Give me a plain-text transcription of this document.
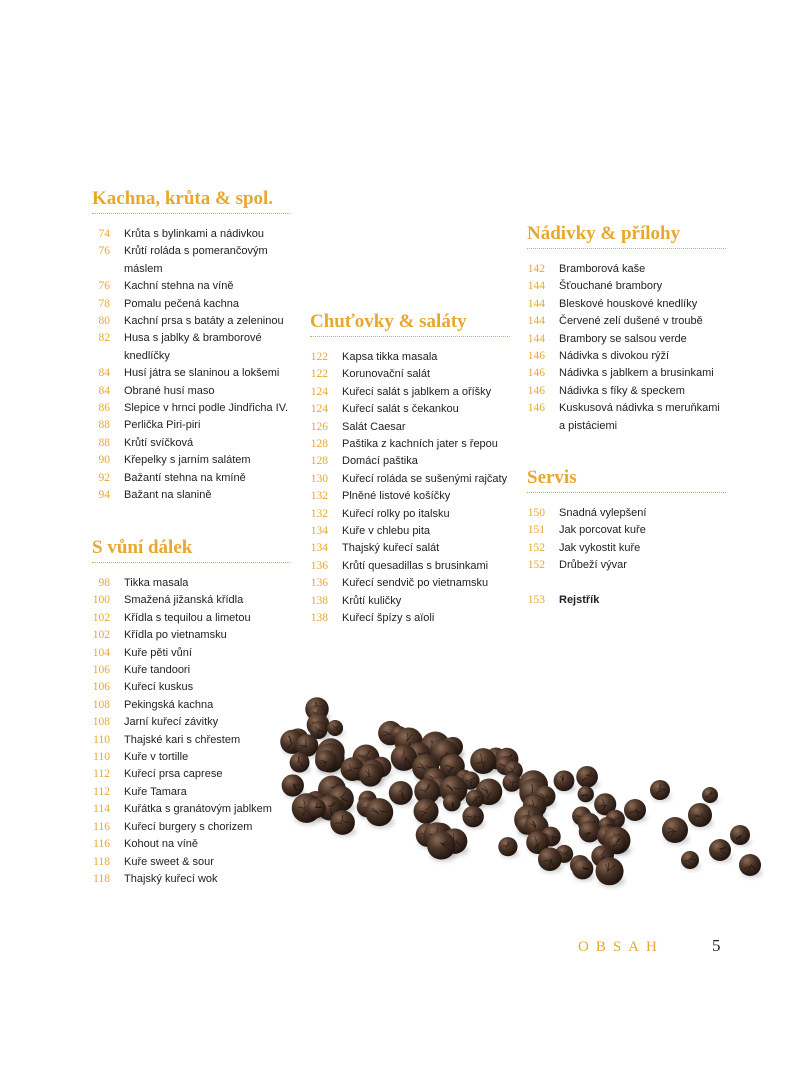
Kachna, krůta & spol.
74 Krůta s bylinkami a nádivkou
76 Krůtí roláda s pomerančovým máslem
76 Kachní stehna na víně
78 Pomalu pečená kachna
80 Kachní prsa s batáty a zeleninou
82 Husa s jablky & bramborové knedlíčky
84 Husí játra se slaninou a lokšemi
84 Obrané husí maso
86 Slepice v hrnci podle Jindřicha IV.
88 Perlička Piri-piri
88 Krůtí svíčková
90 Křepelky s jarním salátem
92 Bažantí stehna na kmíně
94 Bažant na slanině
S vůní dálek
98 Tikka masala
100 Smažená jižanská křídla
102 Křídla s tequilou a limetou
102 Křídla po vietnamsku
104 Kuře pěti vůní
106 Kuře tandoori
106 Kuřecí kuskus
108 Pekingská kachna
108 Jarní kuřecí závitky
110 Thajské kari s chřestem
110 Kuře v tortille
112 Kuřecí prsa caprese
112 Kuře Tamara
114 Kuřátka s granátovým jablkem
116 Kuřecí burgery s chorizem
116 Kohout na víně
118 Kuře sweet & sour
118 Thajský kuřecí wok
Chuťovky & saláty
122 Kapsa tikka masala
122 Korunovační salát
124 Kuřecí salát s jablkem a oříšky
124 Kuřecí salát s čekankou
126 Salát Caesar
128 Paštika z kachních jater s řepou
128 Domácí paštika
130 Kuřecí roláda se sušenými rajčaty
132 Plněné listové košíčky
132 Kuřecí rolky po italsku
134 Kuře v chlebu pita
134 Thajský kuřecí salát
136 Krůtí quesadillas s brusinkami
136 Kuřecí sendvič po vietnamsku
138 Krůtí kuličky
138 Kuřecí špízy s aïoli
Nádivky & přílohy
142 Bramborová kaše
144 Šťouchané brambory
144 Bleskové houskové knedlíky
144 Červené zelí dušené v troubě
144 Brambory se salsou verde
146 Nádivka s divokou rýží
146 Nádivka s jablkem a brusinkami
146 Nádivka s fíky & speckem
146 Kuskusová nádivka s meruňkami a pistáciemi
Servis
150 Snadná vylepšení
151 Jak porcovat kuře
152 Jak vykostit kuře
152 Drůbeží vývar
153 Rejstřík
OBSAH	5
